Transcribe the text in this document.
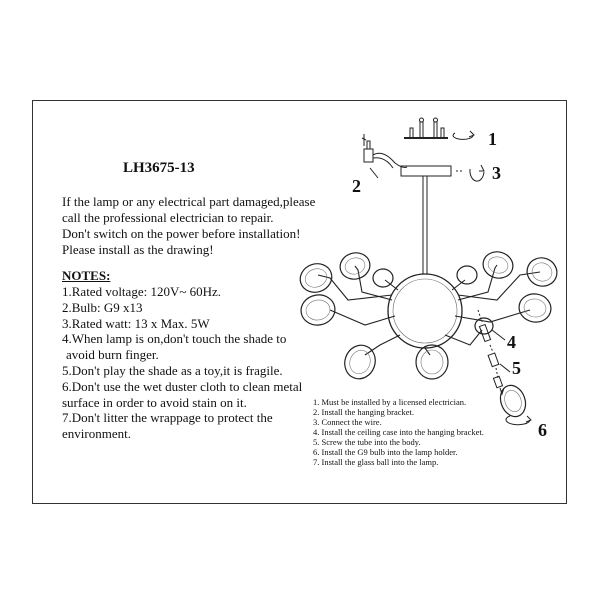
LH3675-13
If the lamp or any electrical part damaged,please
call the professional electrician to repair.
Don't switch on the power before installation!
Please install as the drawing!
NOTES:
1.Rated voltage: 120V~ 60Hz.
2.Bulb: G9 x13
3.Rated watt: 13 x Max. 5W
4.When lamp is on,don't touch the shade to
avoid burn finger.
5.Don't play the shade as a toy,it is fragile.
6.Don't use the wet duster cloth to clean metal
surface in order to avoid stain on it.
7.Don't litter the wrappage to protect the
environment.
1. Must be installed by a licensed electrician.
2. Install the hanging bracket.
3. Connect the wire.
4. Install the ceiling case into the hanging bracket.
5. Screw the tube into the body.
6. Install the G9 bulb into the lamp holder.
7. Install the glass ball into the lamp.
1
2
3
4
5
6
